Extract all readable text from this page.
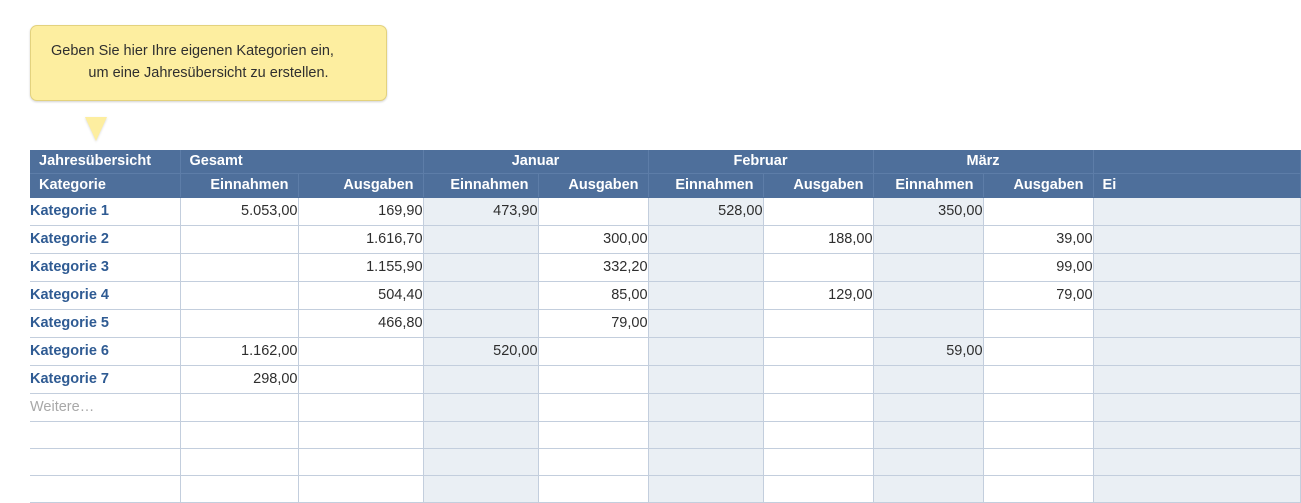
Geben Sie hier Ihre eigenen Kategorien ein,
um eine Jahresübersicht zu erstellen.
Jahresübersicht	Gesamt		Januar		Februar		März		
Kategorie	Einnahmen	Ausgaben	Einnahmen	Ausgaben	Einnahmen	Ausgaben	Einnahmen	Ausgaben	Ei
Kategorie 1	5.053,00	169,90	473,90		528,00		350,00		
Kategorie 2		1.616,70		300,00		188,00		39,00	
Kategorie 3		1.155,90		332,20				99,00	
Kategorie 4		504,40		85,00		129,00		79,00	
Kategorie 5		466,80		79,00					
Kategorie 6	1.162,00		520,00				59,00		
Kategorie 7	298,00								
Weitere…									
